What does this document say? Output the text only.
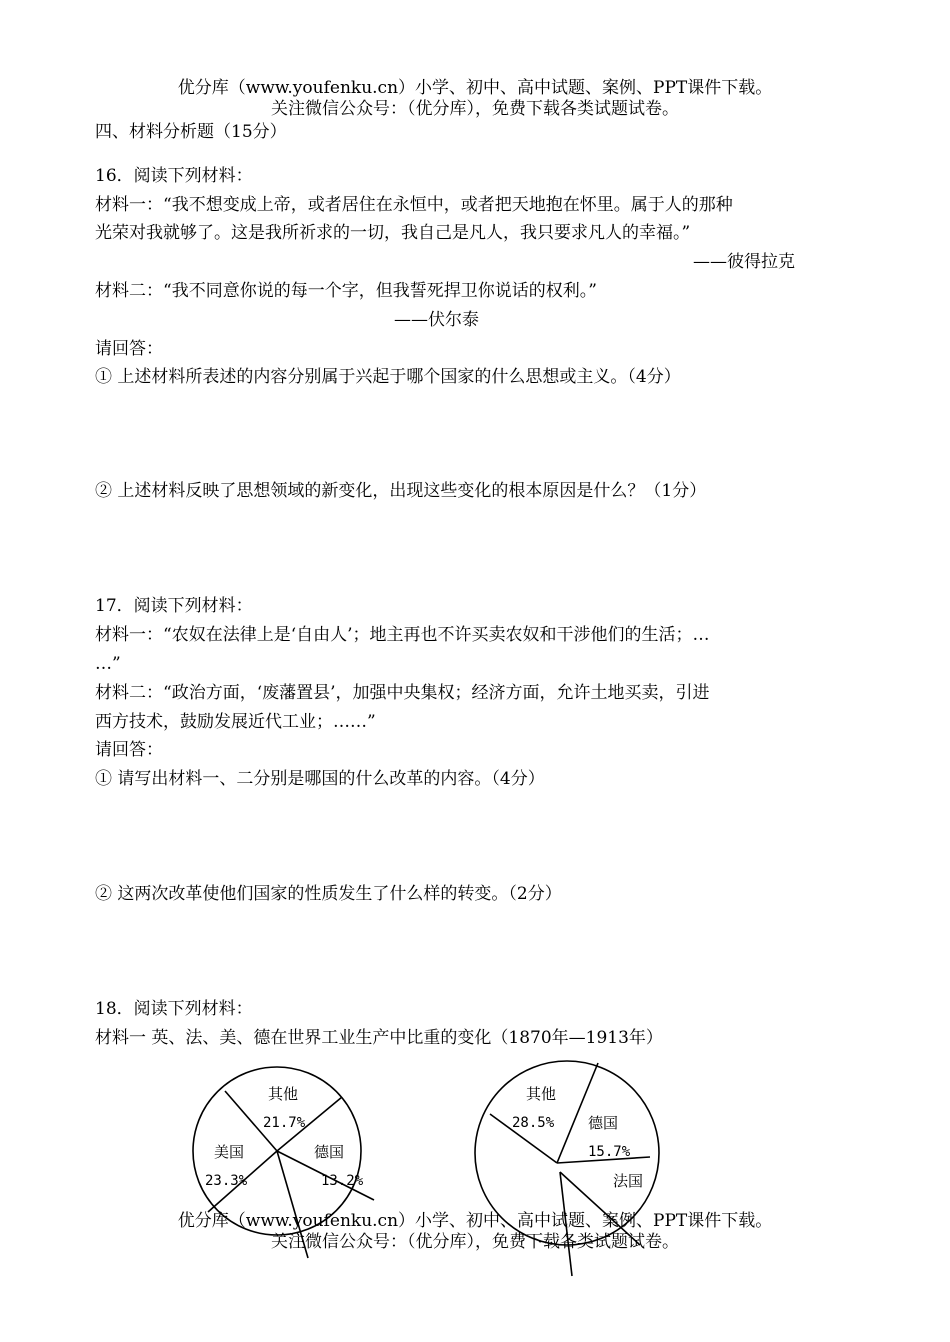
优分库（www.youfenku.cn）小学、初中、高中试题、案例、PPT课件下载。
关注微信公众号：（优分库），免费下载各类试题试卷。
四、材料分析题（15分）
16．阅读下列材料：
材料一：“我不想变成上帝，或者居住在永恒中，或者把天地抱在怀里。属于人的那种
光荣对我就够了。这是我所祈求的一切，我自己是凡人，我只要求凡人的幸福。”
——彼得拉克
材料二：“我不同意你说的每一个字，但我誓死捍卫你说话的权利。”
——伏尔泰
请回答：
① 上述材料所表述的内容分别属于兴起于哪个国家的什么思想或主义。（4分）
② 上述材料反映了思想领域的新变化，出现这些变化的根本原因是什么？（1分）
17．阅读下列材料：
材料一：“农奴在法律上是‘自由人’；地主再也不许买卖农奴和干涉他们的生活；…
…”
材料二：“政治方面，‘废藩置县’，加强中央集权；经济方面，允许土地买卖，引进
西方技术，鼓励发展近代工业；……”
请回答：
① 请写出材料一、二分别是哪国的什么改革的内容。（4分）
② 这两次改革使他们国家的性质发生了什么样的转变。（2分）
18．阅读下列材料：
材料一 英、法、美、德在世界工业生产中比重的变化（1870年—1913年）
其他
21.7%
美国
23.3%
德国
13.2%
其他
28.5% 德国
15.7%
法国
优分库（www.youfenku.cn）小学、初中、高中试题、案例、PPT课件下载。
关注微信公众号：（优分库），免费下载各类试题试卷。
